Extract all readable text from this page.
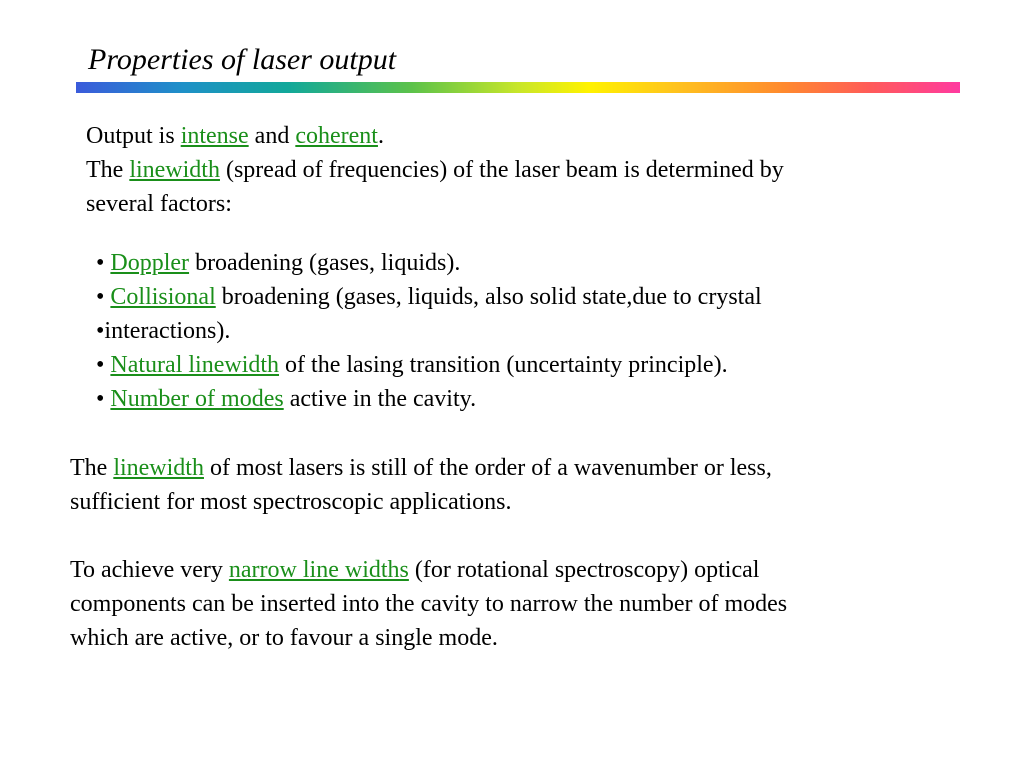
Properties of laser output

Output is intense and coherent.
The linewidth (spread of frequencies) of the laser beam is determined by
several factors:

• Doppler broadening (gases, liquids).
• Collisional broadening (gases, liquids, also solid state,due to crystal
•interactions).
• Natural linewidth of the lasing transition (uncertainty principle).
• Number of modes active in the cavity.

The linewidth of most lasers is still of the order of a wavenumber or less,
sufficient for most spectroscopic applications.

To achieve very narrow line widths (for rotational spectroscopy) optical
components can be inserted into the cavity to narrow the number of modes
which are active, or to favour a single mode.
